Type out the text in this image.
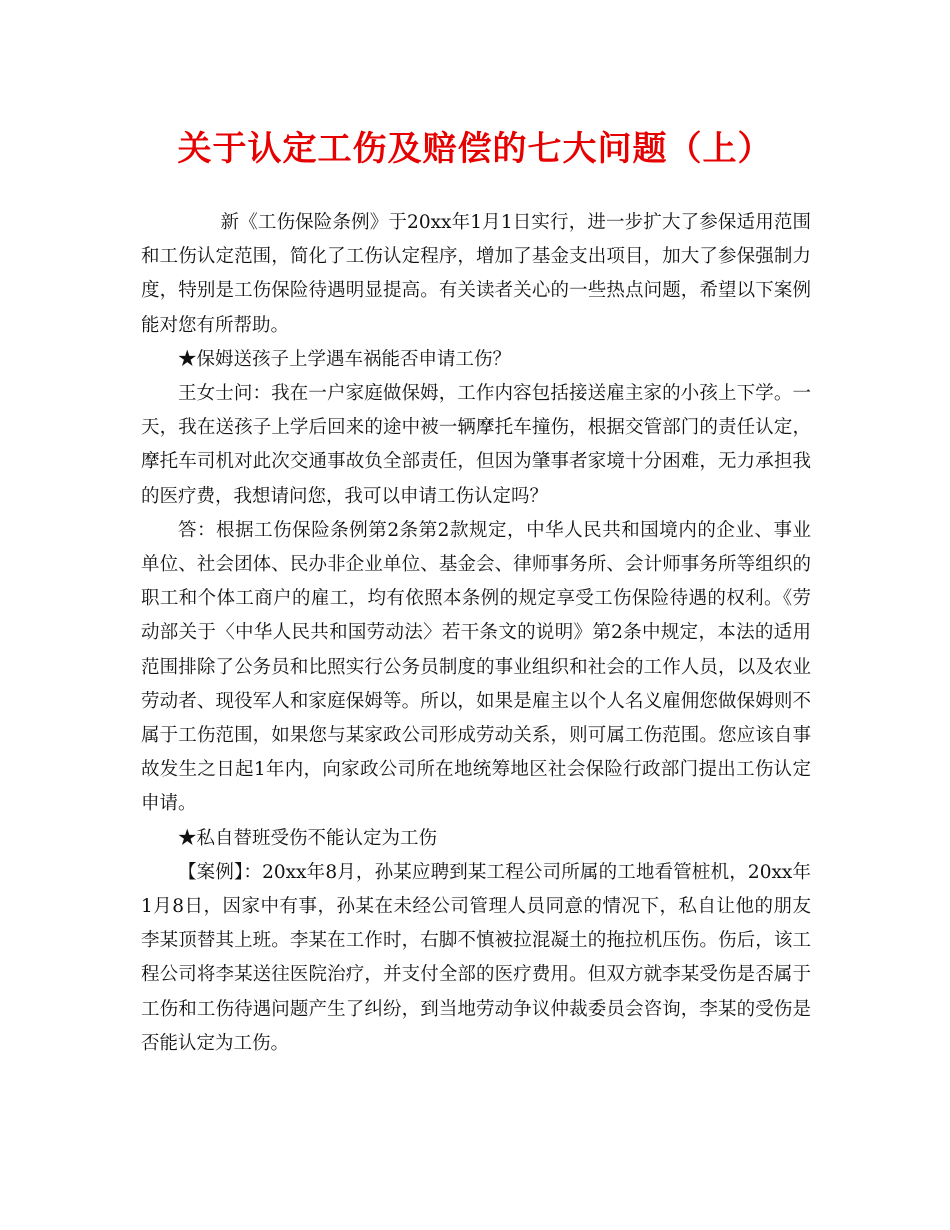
关于认定工伤及赔偿的七大问题（上）

新《工伤保险条例》于20xx年1月1日实行，进一步扩大了参保适用范围和工伤认定范围，简化了工伤认定程序，增加了基金支出项目，加大了参保强制力度，特别是工伤保险待遇明显提高。有关读者关心的一些热点问题，希望以下案例能对您有所帮助。

★保姆送孩子上学遇车祸能否申请工伤？

王女士问：我在一户家庭做保姆，工作内容包括接送雇主家的小孩上下学。一天，我在送孩子上学后回来的途中被一辆摩托车撞伤，根据交管部门的责任认定，摩托车司机对此次交通事故负全部责任，但因为肇事者家境十分困难，无力承担我的医疗费，我想请问您，我可以申请工伤认定吗？

答：根据工伤保险条例第2条第2款规定，中华人民共和国境内的企业、事业单位、社会团体、民办非企业单位、基金会、律师事务所、会计师事务所等组织的职工和个体工商户的雇工，均有依照本条例的规定享受工伤保险待遇的权利。《劳动部关于〈中华人民共和国劳动法〉若干条文的说明》第2条中规定，本法的适用范围排除了公务员和比照实行公务员制度的事业组织和社会的工作人员，以及农业劳动者、现役军人和家庭保姆等。所以，如果是雇主以个人名义雇佣您做保姆则不属于工伤范围，如果您与某家政公司形成劳动关系，则可属工伤范围。您应该自事故发生之日起1年内，向家政公司所在地统筹地区社会保险行政部门提出工伤认定申请。

★私自替班受伤不能认定为工伤

【案例】：20xx年8月，孙某应聘到某工程公司所属的工地看管桩机，20xx年1月8日，因家中有事，孙某在未经公司管理人员同意的情况下，私自让他的朋友李某顶替其上班。李某在工作时，右脚不慎被拉混凝土的拖拉机压伤。伤后，该工程公司将李某送往医院治疗，并支付全部的医疗费用。但双方就李某受伤是否属于工伤和工伤待遇问题产生了纠纷，到当地劳动争议仲裁委员会咨询，李某的受伤是否能认定为工伤。
